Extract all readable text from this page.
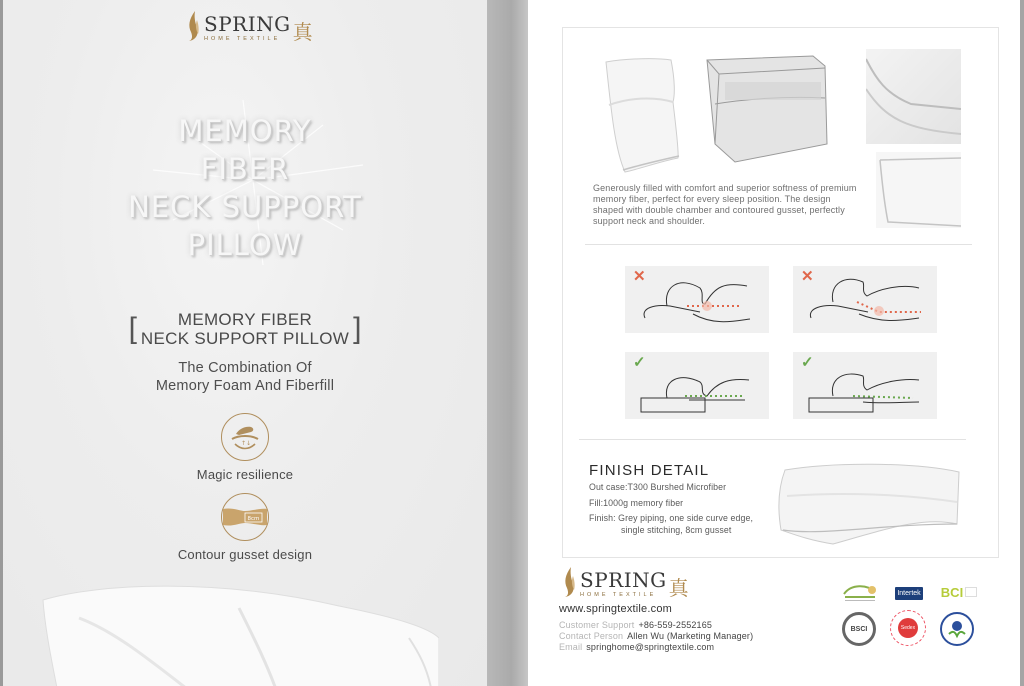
SPRING
HOME TEXTILE 真
MEMORY
FIBER
NECK SUPPORT
PILLOW
[	MEMORY FIBER
NECK SUPPORT PILLOW ]
The Combination Of
Memory Foam And Fiberfill
↑↓
Magic resilience
8cm
Contour gusset design
Generously filled with comfort and superior softness of premium memory fiber, perfect for every sleep position. The design shaped with double chamber and contoured gusset, perfectly support neck and shoulder.
✕	✕
✓	✓
FINISH DETAIL
Out case:T300 Burshed Microfiber
Fill:1000g memory fiber
Finish: Grey piping, one side curve edge,
single stitching, 8cm gusset
SPRING
HOME TEXTILE 真
www.springtextile.com
Customer Support +86-559-2552165
Contact Person Allen Wu (Marketing Manager)
Email springhome@springtextile.com
Intertek BCI
BSCI	Sedex
